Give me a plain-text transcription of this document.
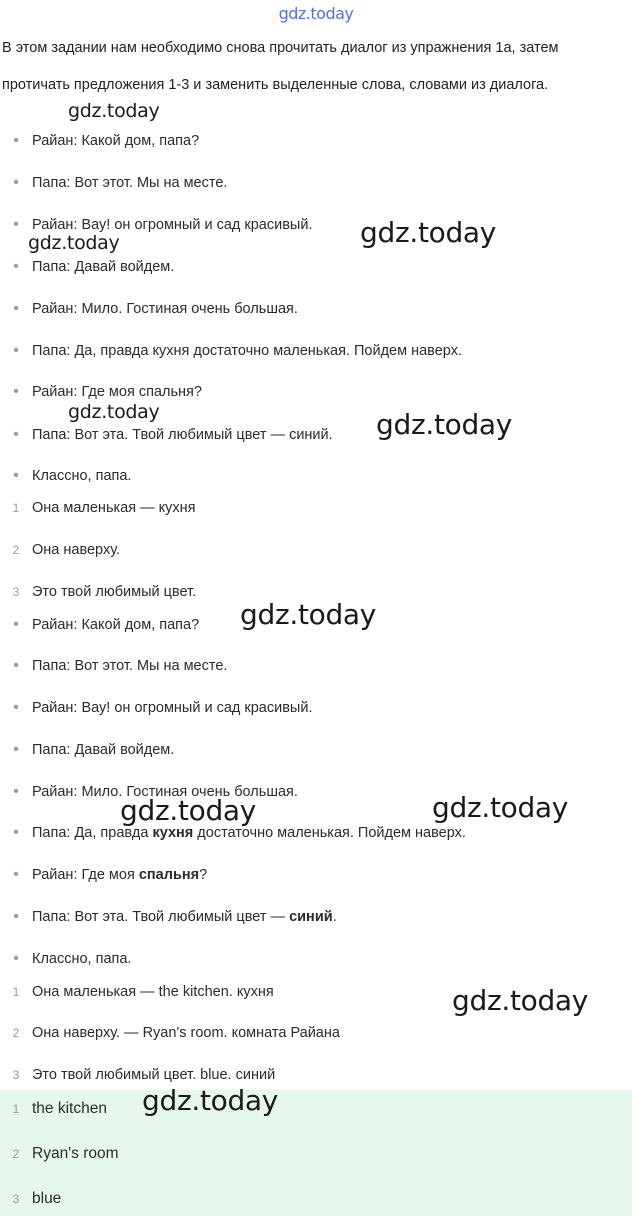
gdz.today
В этом задании нам необходимо снова прочитать диалог из упражнения 1а, затем протичать предложения 1-3 и заменить выделенные слова, словами из диалога.
• Райан: Какой дом, папа?
• Папа: Вот этот. Мы на месте.
• Райан: Вау! он огромный и сад красивый.
• Папа: Давай войдем.
• Райан: Мило. Гостиная очень большая.
• Папа: Да, правда кухня достаточно маленькая. Пойдем наверх.
• Райан: Где моя спальня?
• Папа: Вот эта. Твой любимый цвет — синий.
• Классно, папа.
1 Она маленькая — кухня
2 Она наверху.
3 Это твой любимый цвет.
• Райан: Какой дом, папа?
• Папа: Вот этот. Мы на месте.
• Райан: Вау! он огромный и сад красивый.
• Папа: Давай войдем.
• Райан: Мило. Гостиная очень большая.
• Папа: Да, правда кухня достаточно маленькая. Пойдем наверх.
• Райан: Где моя спальня?
• Папа: Вот эта. Твой любимый цвет — синий.
• Классно, папа.
1 Она маленькая — the kitchen. кухня
2 Она наверху. — Ryan's room. комната Райана
3 Это твой любимый цвет. blue. синий
1 the kitchen
2 Ryan's room
3 blue
gdz.today
gdz.today
gdz.today
gdz.today	gdz.today
gdz.today
gdz.today	gdz.today
gdz.today
gdz.today
